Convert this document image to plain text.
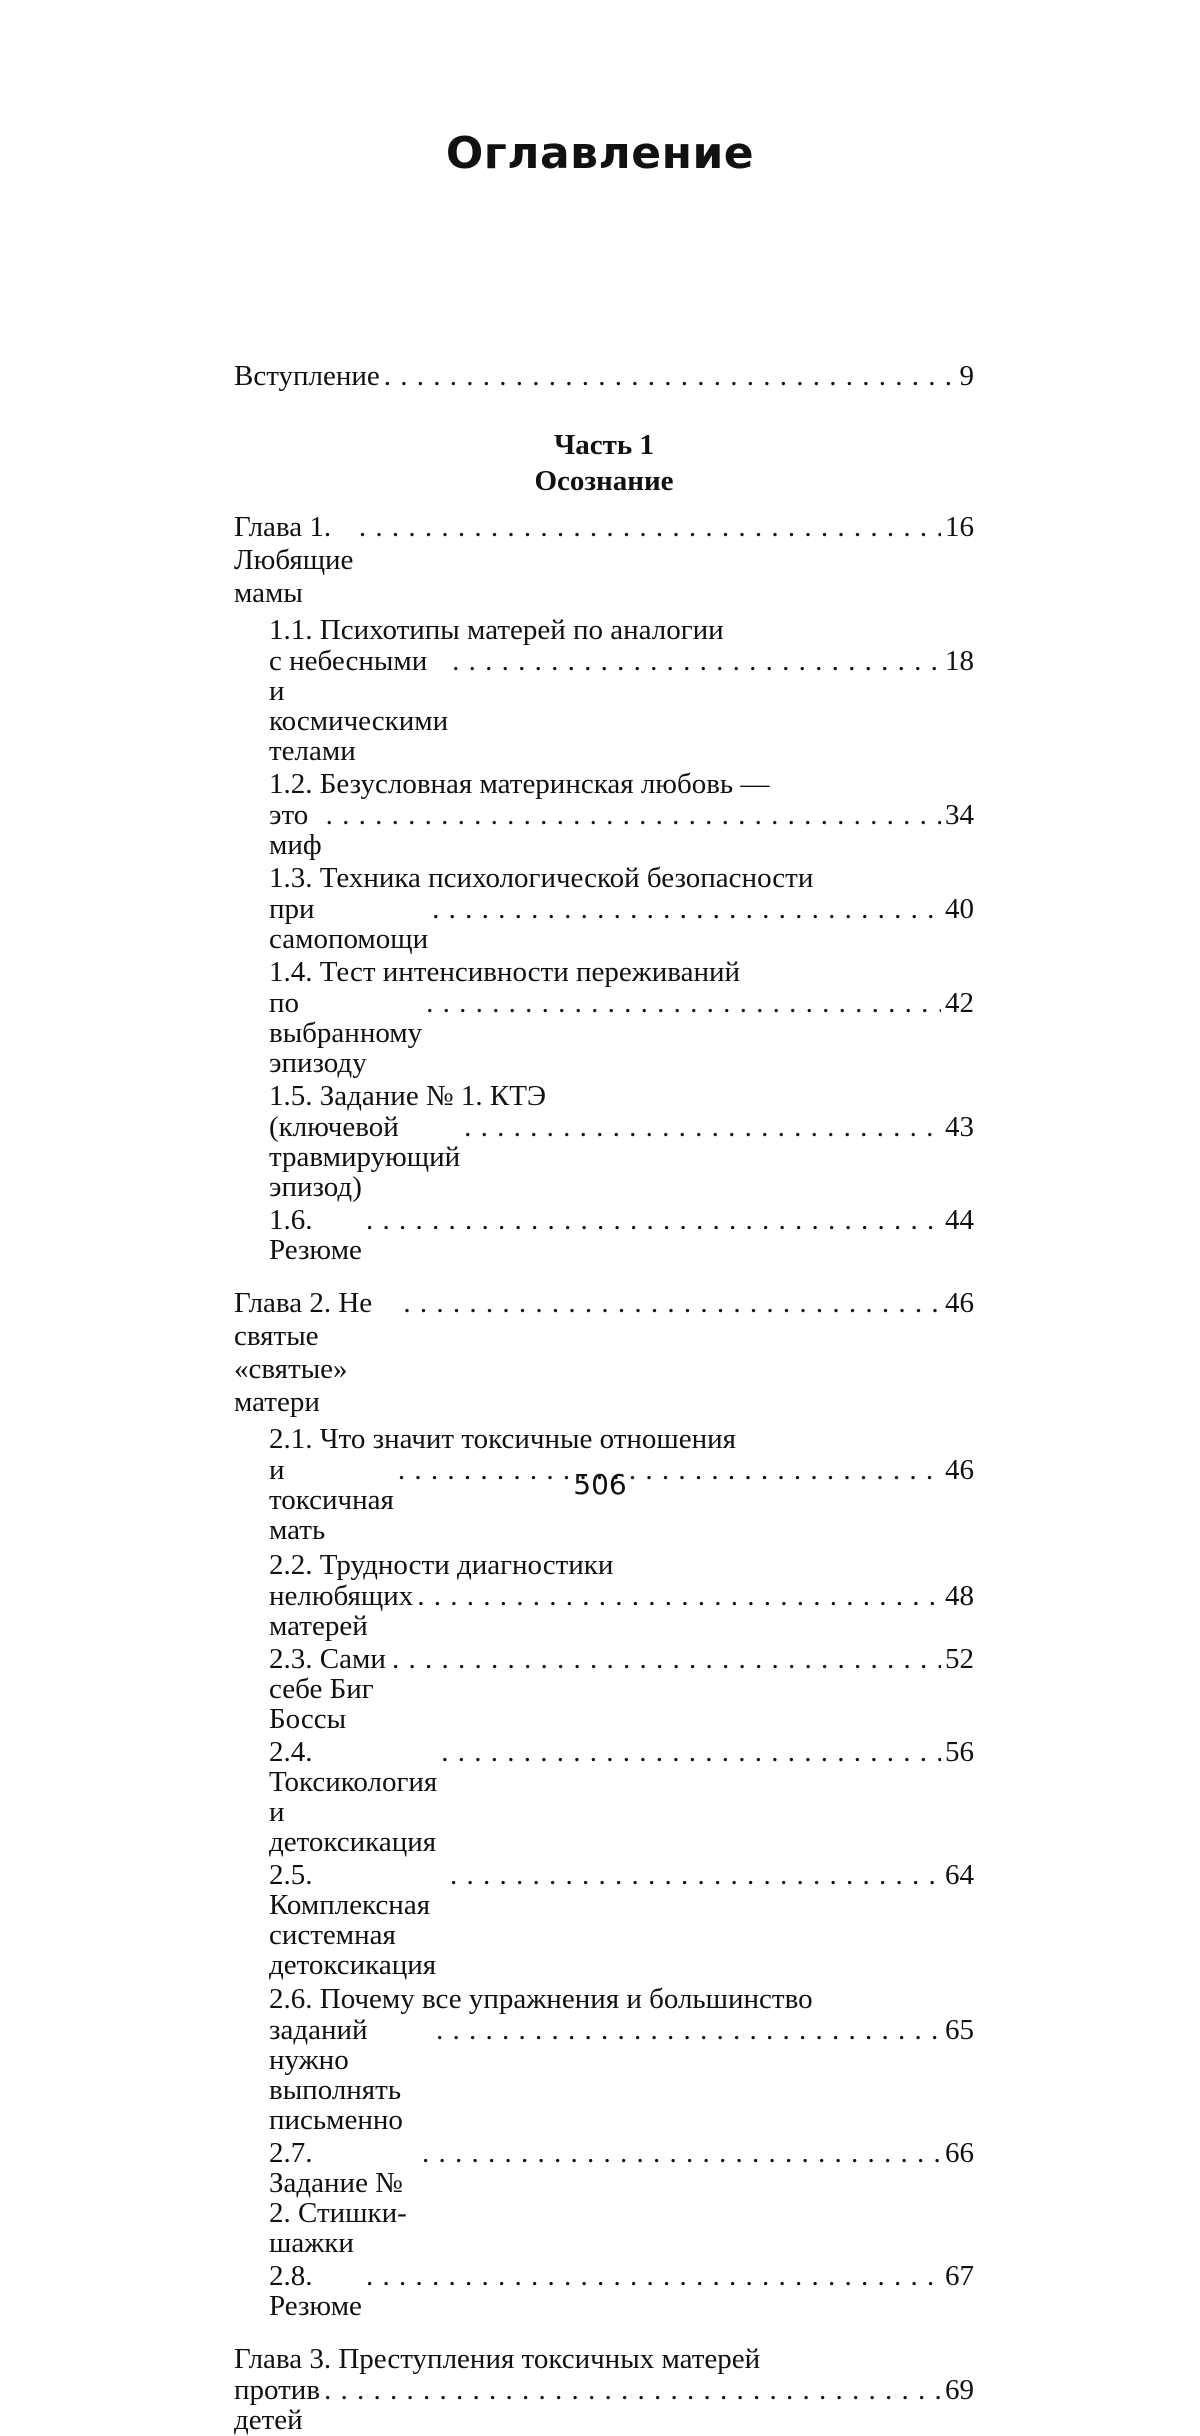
Оглавление
Вступление
. . .	9
Часть 1
Осознание
Глава 1. Любящие мамы
. . .
16
1.1. Психотипы матерей по аналогии
с небесными и космическими телами
. . .
18
1.2. Безусловная материнская любовь —
это миф
. . .
34
1.3. Техника психологической безопасности
при самопомощи
. . .
40
1.4. Тест интенсивности переживаний
по выбранному эпизоду
. . .
42
1.5. Задание № 1. КТЭ
(ключевой травмирующий эпизод)
. . .
43
1.6. Резюме
. . .
44
Глава 2. Не святые «святые» матери
. . .
46
2.1. Что значит токсичные отношения
и токсичная мать
. . .
46
2.2. Трудности диагностики
нелюбящих матерей
. . .
48
2.3. Сами себе Биг Боссы
. . .
52
2.4. Токсикология и детоксикация
. . .
56
2.5. Комплексная системная детоксикация
. . .
64
2.6. Почему все упражнения и большинство
заданий нужно выполнять письменно
. . .
65
2.7. Задание № 2. Стишки-шажки
. . .
66
2.8. Резюме
. . .
67
Глава 3. Преступления токсичных матерей
против детей
. . .
69
506
